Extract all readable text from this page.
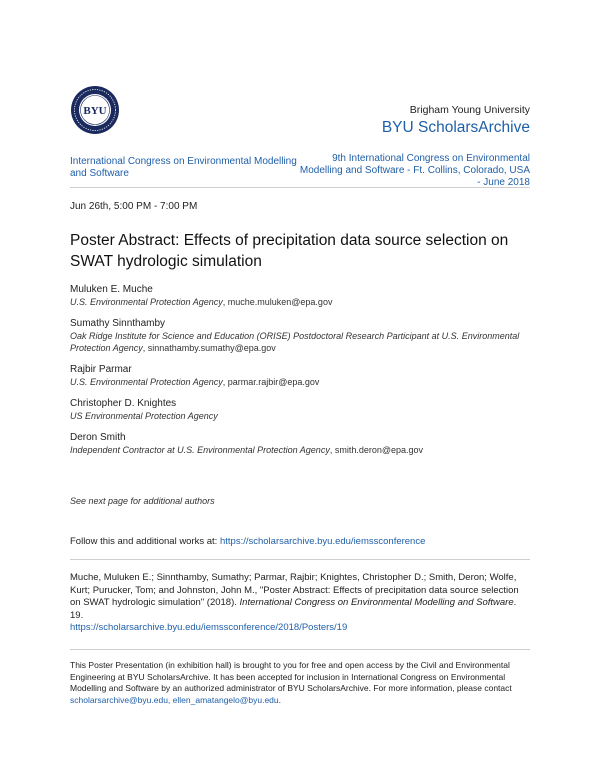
BYU	Brigham Young University
BYU ScholarsArchive
International Congress on Environmental Modelling and Software
9th International Congress on Environmental Modelling and Software - Ft. Collins, Colorado, USA - June 2018
Jun 26th, 5:00 PM - 7:00 PM
Poster Abstract: Effects of precipitation data source selection on SWAT hydrologic simulation
Muluken E. Muche
U.S. Environmental Protection Agency, muche.muluken@epa.gov
Sumathy Sinnthamby
Oak Ridge Institute for Science and Education (ORISE) Postdoctoral Research Participant at U.S. Environmental Protection Agency, sinnathamby.sumathy@epa.gov
Rajbir Parmar
U.S. Environmental Protection Agency, parmar.rajbir@epa.gov
Christopher D. Knightes
US Environmental Protection Agency
Deron Smith
Independent Contractor at U.S. Environmental Protection Agency, smith.deron@epa.gov
See next page for additional authors
Follow this and additional works at: https://scholarsarchive.byu.edu/iemssconference
Muche, Muluken E.; Sinnthamby, Sumathy; Parmar, Rajbir; Knightes, Christopher D.; Smith, Deron; Wolfe, Kurt; Purucker, Tom; and Johnston, John M., "Poster Abstract: Effects of precipitation data source selection on SWAT hydrologic simulation" (2018). International Congress on Environmental Modelling and Software. 19.
https://scholarsarchive.byu.edu/iemssconference/2018/Posters/19
This Poster Presentation (in exhibition hall) is brought to you for free and open access by the Civil and Environmental Engineering at BYU ScholarsArchive. It has been accepted for inclusion in International Congress on Environmental Modelling and Software by an authorized administrator of BYU ScholarsArchive. For more information, please contact scholarsarchive@byu.edu, ellen_amatangelo@byu.edu.
